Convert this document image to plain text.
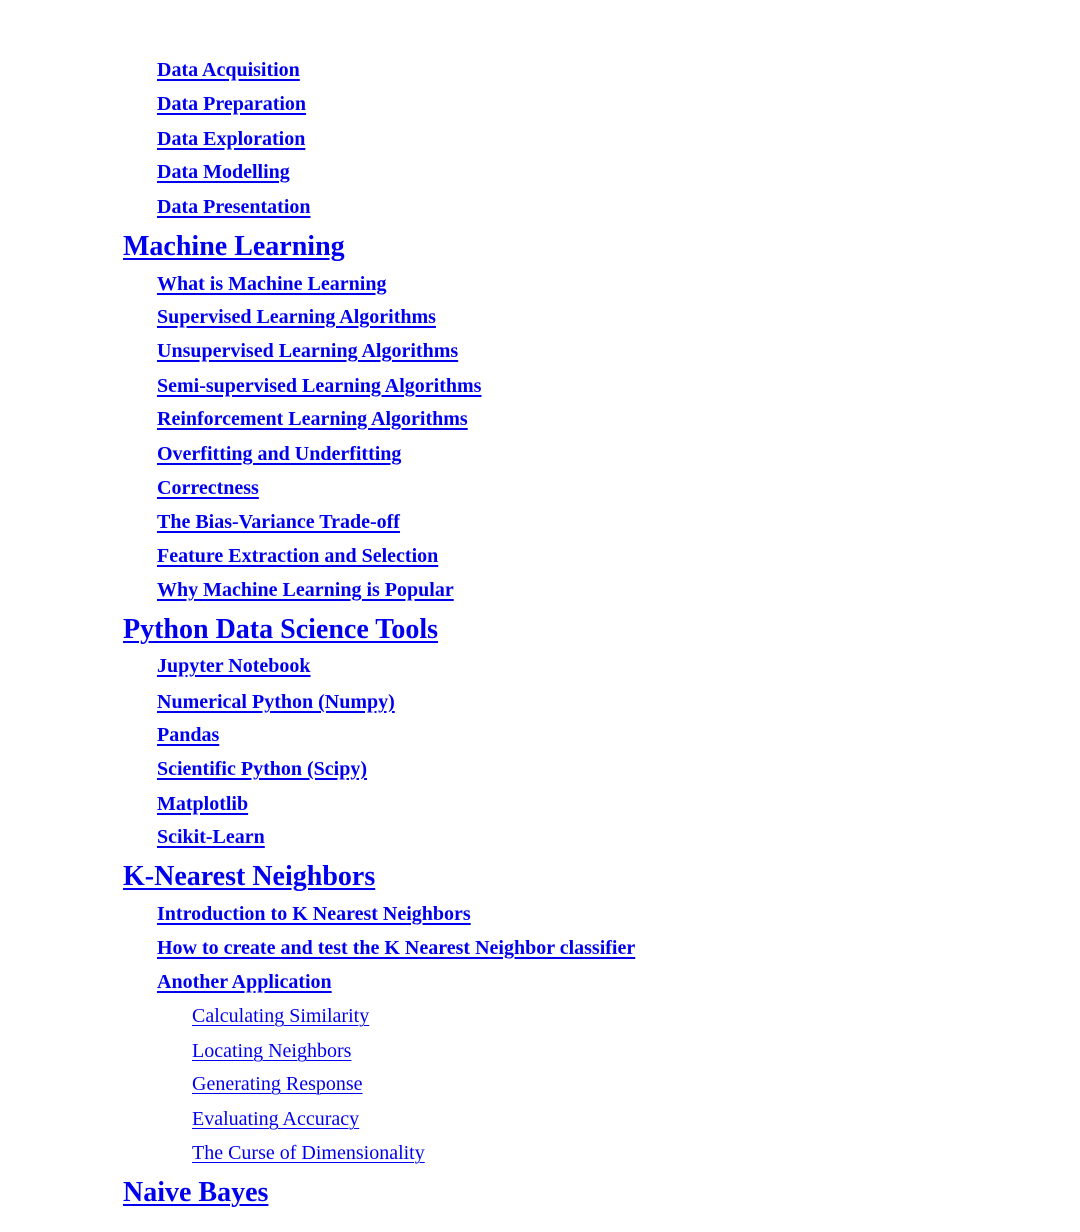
Data Acquisition
Data Preparation
Data Exploration
Data Modelling
Data Presentation
Machine Learning
What is Machine Learning
Supervised Learning Algorithms
Unsupervised Learning Algorithms
Semi-supervised Learning Algorithms
Reinforcement Learning Algorithms
Overfitting and Underfitting
Correctness
The Bias-Variance Trade-off
Feature Extraction and Selection
Why Machine Learning is Popular
Python Data Science Tools
Jupyter Notebook
Numerical Python (Numpy)
Pandas
Scientific Python (Scipy)
Matplotlib
Scikit-Learn
K-Nearest Neighbors
Introduction to K Nearest Neighbors
How to create and test the K Nearest Neighbor classifier
Another Application
Calculating Similarity
Locating Neighbors
Generating Response
Evaluating Accuracy
The Curse of Dimensionality
Naive Bayes
